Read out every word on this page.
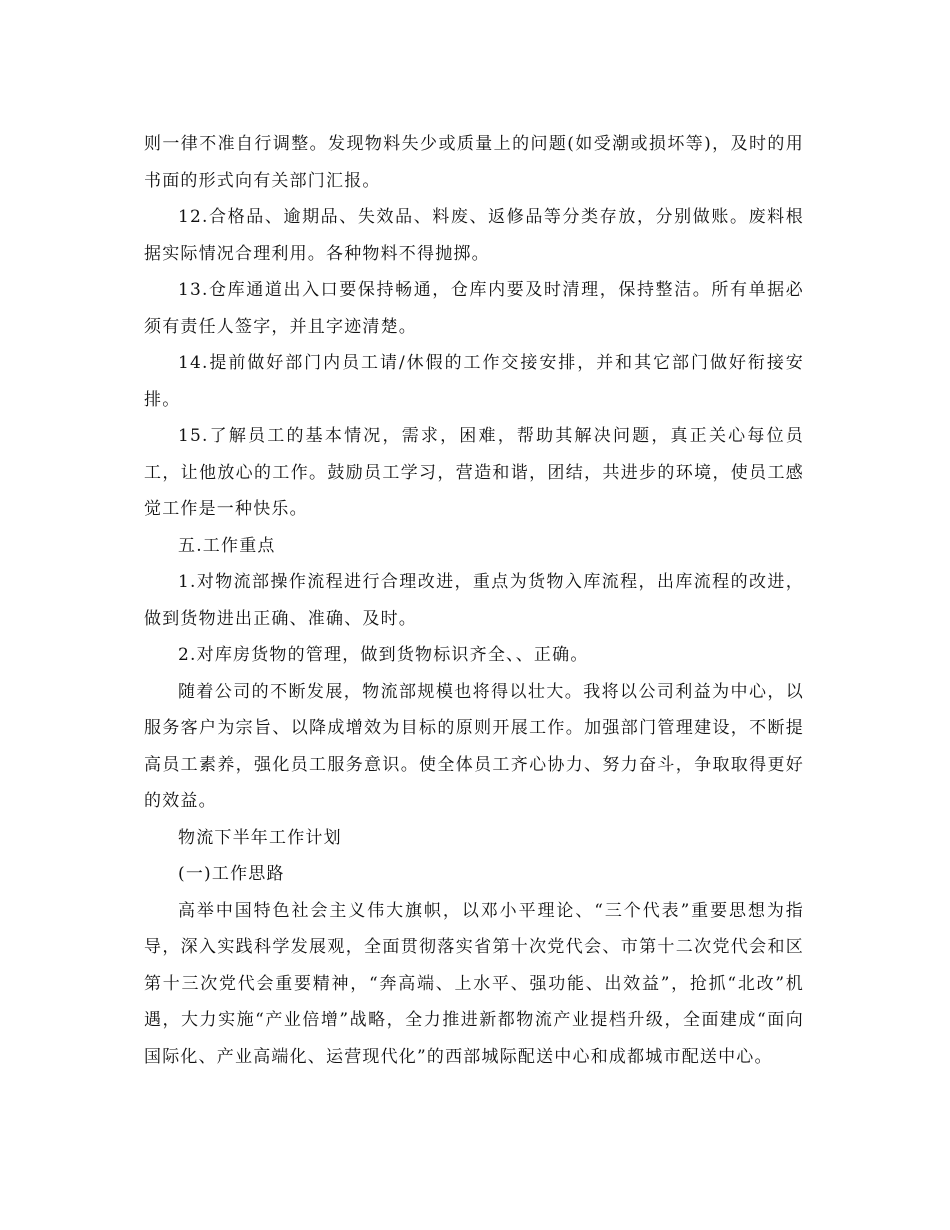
则一律不准自行调整。发现物料失少或质量上的问题(如受潮或损坏等)，及时的用书面的形式向有关部门汇报。

12.合格品、逾期品、失效品、料废、返修品等分类存放，分别做账。废料根据实际情况合理利用。各种物料不得抛掷。

13.仓库通道出入口要保持畅通，仓库内要及时清理，保持整洁。所有单据必须有责任人签字，并且字迹清楚。

14.提前做好部门内员工请/休假的工作交接安排，并和其它部门做好衔接安排。

15.了解员工的基本情况，需求，困难，帮助其解决问题，真正关心每位员工，让他放心的工作。鼓励员工学习，营造和谐，团结，共进步的环境，使员工感觉工作是一种快乐。

五.工作重点

1.对物流部操作流程进行合理改进，重点为货物入库流程，出库流程的改进，做到货物进出正确、准确、及时。

2.对库房货物的管理，做到货物标识齐全、、正确。

随着公司的不断发展，物流部规模也将得以壮大。我将以公司利益为中心，以服务客户为宗旨、以降成增效为目标的原则开展工作。加强部门管理建设，不断提高员工素养，强化员工服务意识。使全体员工齐心协力、努力奋斗，争取取得更好的效益。

物流下半年工作计划

(一)工作思路

高举中国特色社会主义伟大旗帜，以邓小平理论、“三个代表”重要思想为指导，深入实践科学发展观，全面贯彻落实省第十次党代会、市第十二次党代会和区第十三次党代会重要精神，“奔高端、上水平、强功能、出效益”，抢抓“北改”机遇，大力实施“产业倍增”战略，全力推进新都物流产业提档升级，全面建成“面向国际化、产业高端化、运营现代化”的西部城际配送中心和成都城市配送中心。
